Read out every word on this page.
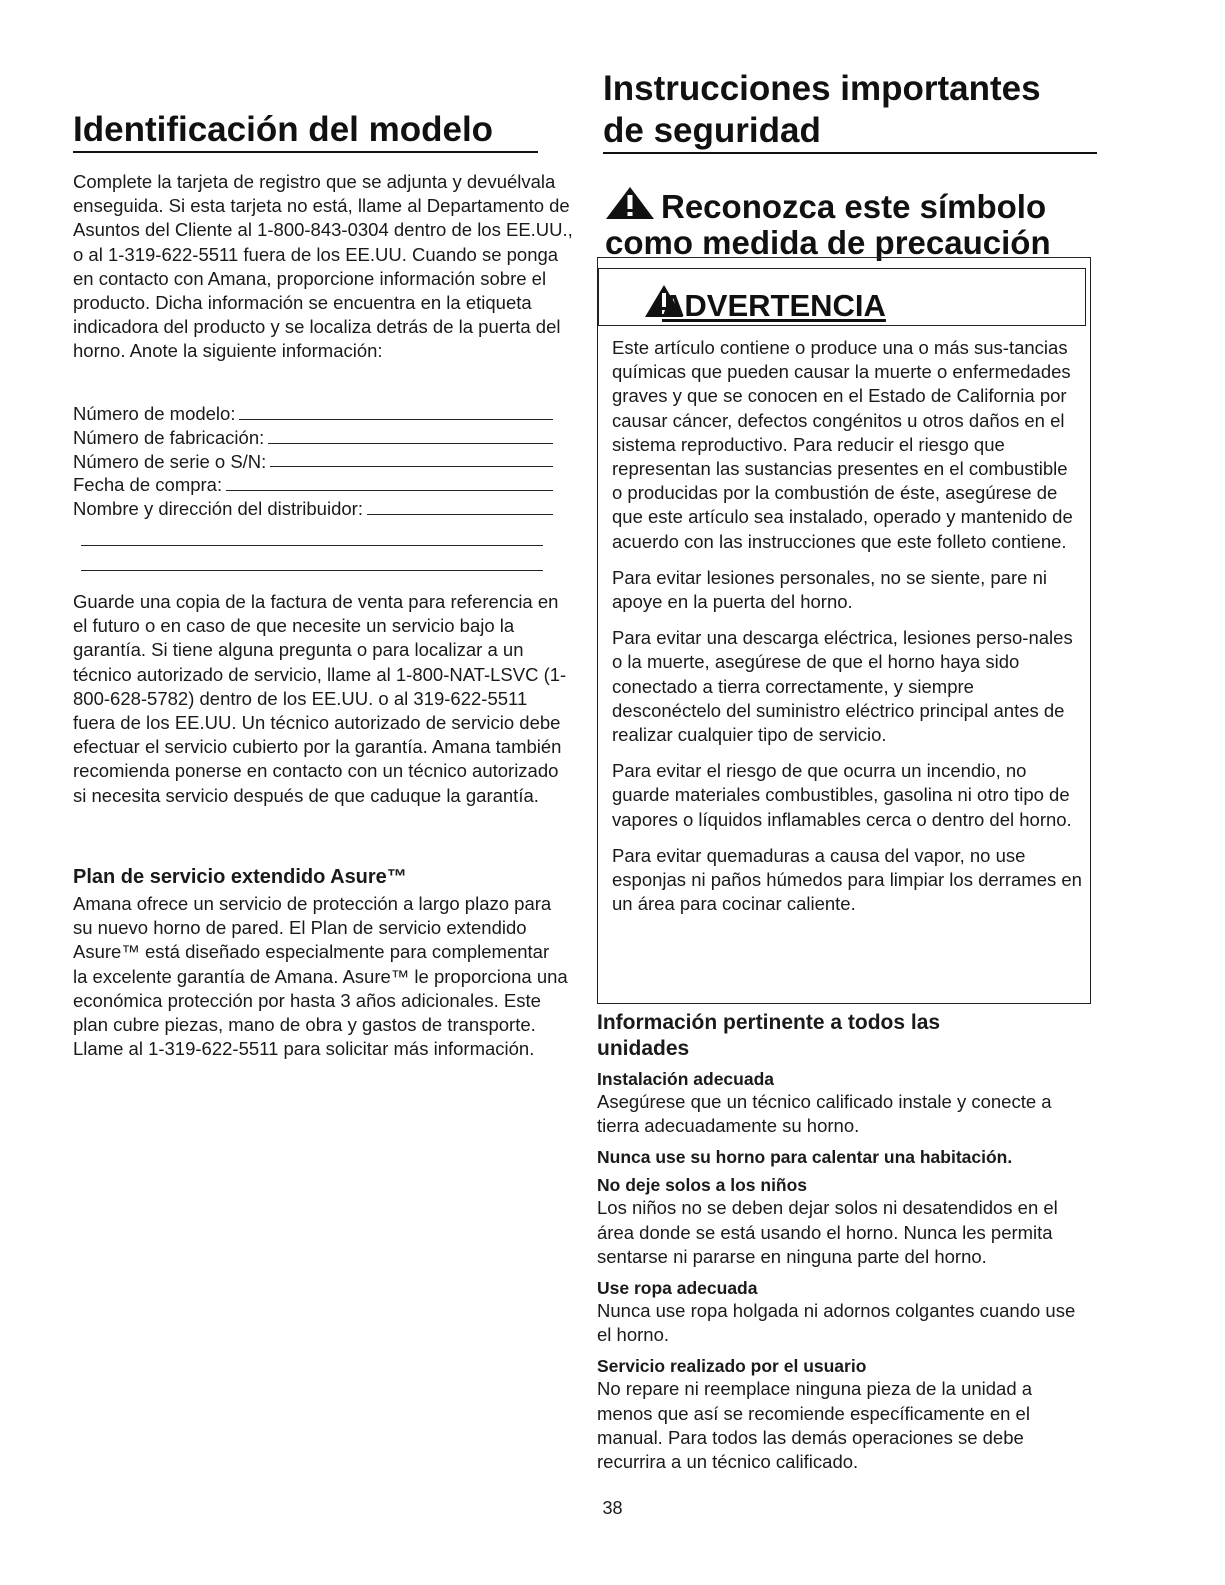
Identificación del modelo

Complete la tarjeta de registro que se adjunta y devuélvala enseguida. Si esta tarjeta no está, llame al Departamento de Asuntos del Cliente al 1-800-843-0304 dentro de los EE.UU., o al 1-319-622-5511 fuera de los EE.UU. Cuando se ponga en contacto con Amana, proporcione información sobre el producto. Dicha información se encuentra en la etiqueta indicadora del producto y se localiza detrás de la puerta del horno. Anote la siguiente información:

Número de modelo:
Número de fabricación:
Número de serie o S/N:
Fecha de compra:
Nombre y dirección del distribuidor:

Guarde una copia de la factura de venta para referencia en el futuro o en caso de que necesite un servicio bajo la garantía. Si tiene alguna pregunta o para localizar a un técnico autorizado de servicio, llame al 1-800-NAT-LSVC (1-800-628-5782) dentro de los EE.UU. o al 319-622-5511 fuera de los EE.UU. Un técnico autorizado de servicio debe efectuar el servicio cubierto por la garantía. Amana también recomienda ponerse en contacto con un técnico autorizado si necesita servicio después de que caduque la garantía.

Plan de servicio extendido Asure™

Amana ofrece un servicio de protección a largo plazo para su nuevo horno de pared. El Plan de servicio extendido Asure™ está diseñado especialmente para complementar la excelente garantía de Amana. Asure™ le proporciona una económica protección por hasta 3 años adicionales. Este plan cubre piezas, mano de obra y gastos de transporte. Llame al 1-319-622-5511 para solicitar más información.

Instrucciones importantes
de seguridad
Reconozca este símbolo como medida de precaución
ADVERTENCIA

Este artículo contiene o produce una o más sus-tancias químicas que pueden causar la muerte o enfermedades graves y que se conocen en el Estado de California por causar cáncer, defectos congénitos u otros daños en el sistema reproductivo. Para reducir el riesgo que representan las sustancias presentes en el combustible o producidas por la combustión de éste, asegúrese de que este artículo sea instalado, operado y mantenido de acuerdo con las instrucciones que este folleto contiene.

Para evitar lesiones personales, no se siente, pare ni apoye en la puerta del horno.

Para evitar una descarga eléctrica, lesiones perso-nales o la muerte, asegúrese de que el horno haya sido conectado a tierra correctamente, y siempre desconéctelo del suministro eléctrico principal antes de realizar cualquier tipo de servicio.

Para evitar el riesgo de que ocurra un incendio, no guarde materiales combustibles, gasolina ni otro tipo de vapores o líquidos inflamables cerca o dentro del horno.

Para evitar quemaduras a causa del vapor, no use esponjas ni paños húmedos para limpiar los derrames en un área para cocinar caliente.

Información pertinente a todos las unidades

Instalación adecuada

Asegúrese que un técnico calificado instale y conecte a tierra adecuadamente su horno.

Nunca use su horno para calentar una habitación.

No deje solos a los niños

Los niños no se deben dejar solos ni desatendidos en el área donde se está usando el horno. Nunca les permita sentarse ni pararse en ninguna parte del horno.

Use ropa adecuada

Nunca use ropa holgada ni adornos colgantes cuando use el horno.

Servicio realizado por el usuario

No repare ni reemplace ninguna pieza de la unidad a menos que así se recomiende específicamente en el manual. Para todos las demás operaciones se debe recurrira a un técnico calificado.

38
